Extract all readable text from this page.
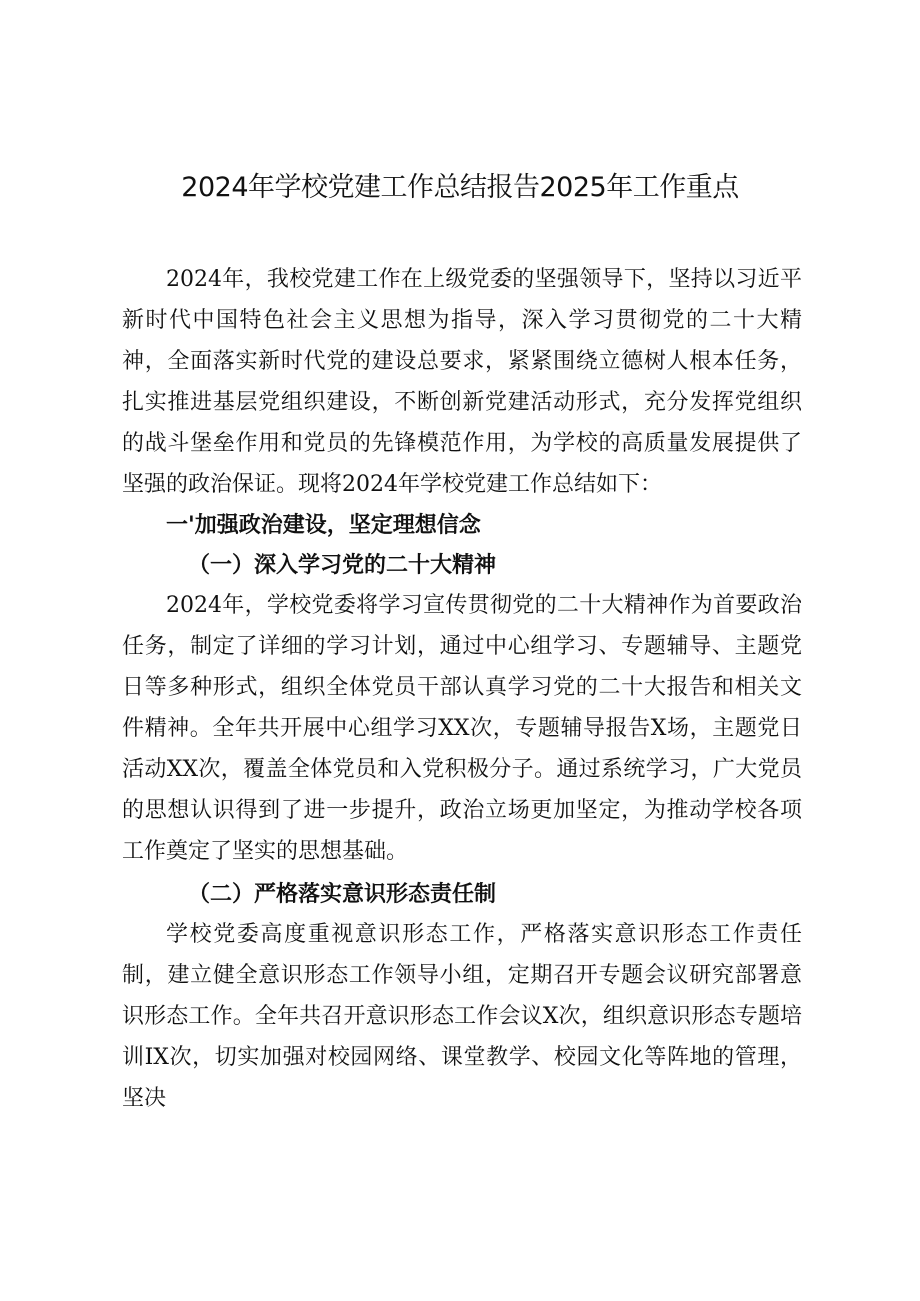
2024年学校党建工作总结报告2025年工作重点

2024年，我校党建工作在上级党委的坚强领导下，坚持以习近平新时代中国特色社会主义思想为指导，深入学习贯彻党的二十大精神，全面落实新时代党的建设总要求，紧紧围绕立德树人根本任务，扎实推进基层党组织建设，不断创新党建活动形式，充分发挥党组织的战斗堡垒作用和党员的先锋模范作用，为学校的高质量发展提供了坚强的政治保证。现将2024年学校党建工作总结如下：

一'加强政治建设，坚定理想信念

（一）深入学习党的二十大精神

2024年，学校党委将学习宣传贯彻党的二十大精神作为首要政治任务，制定了详细的学习计划，通过中心组学习、专题辅导、主题党日等多种形式，组织全体党员干部认真学习党的二十大报告和相关文件精神。全年共开展中心组学习XX次，专题辅导报告X场，主题党日活动XX次，覆盖全体党员和入党积极分子。通过系统学习，广大党员的思想认识得到了进一步提升，政治立场更加坚定，为推动学校各项工作奠定了坚实的思想基础。

（二）严格落实意识形态责任制

学校党委高度重视意识形态工作，严格落实意识形态工作责任制，建立健全意识形态工作领导小组，定期召开专题会议研究部署意识形态工作。全年共召开意识形态工作会议X次，组织意识形态专题培训IX次，切实加强对校园网络、课堂教学、校园文化等阵地的管理，坚决
